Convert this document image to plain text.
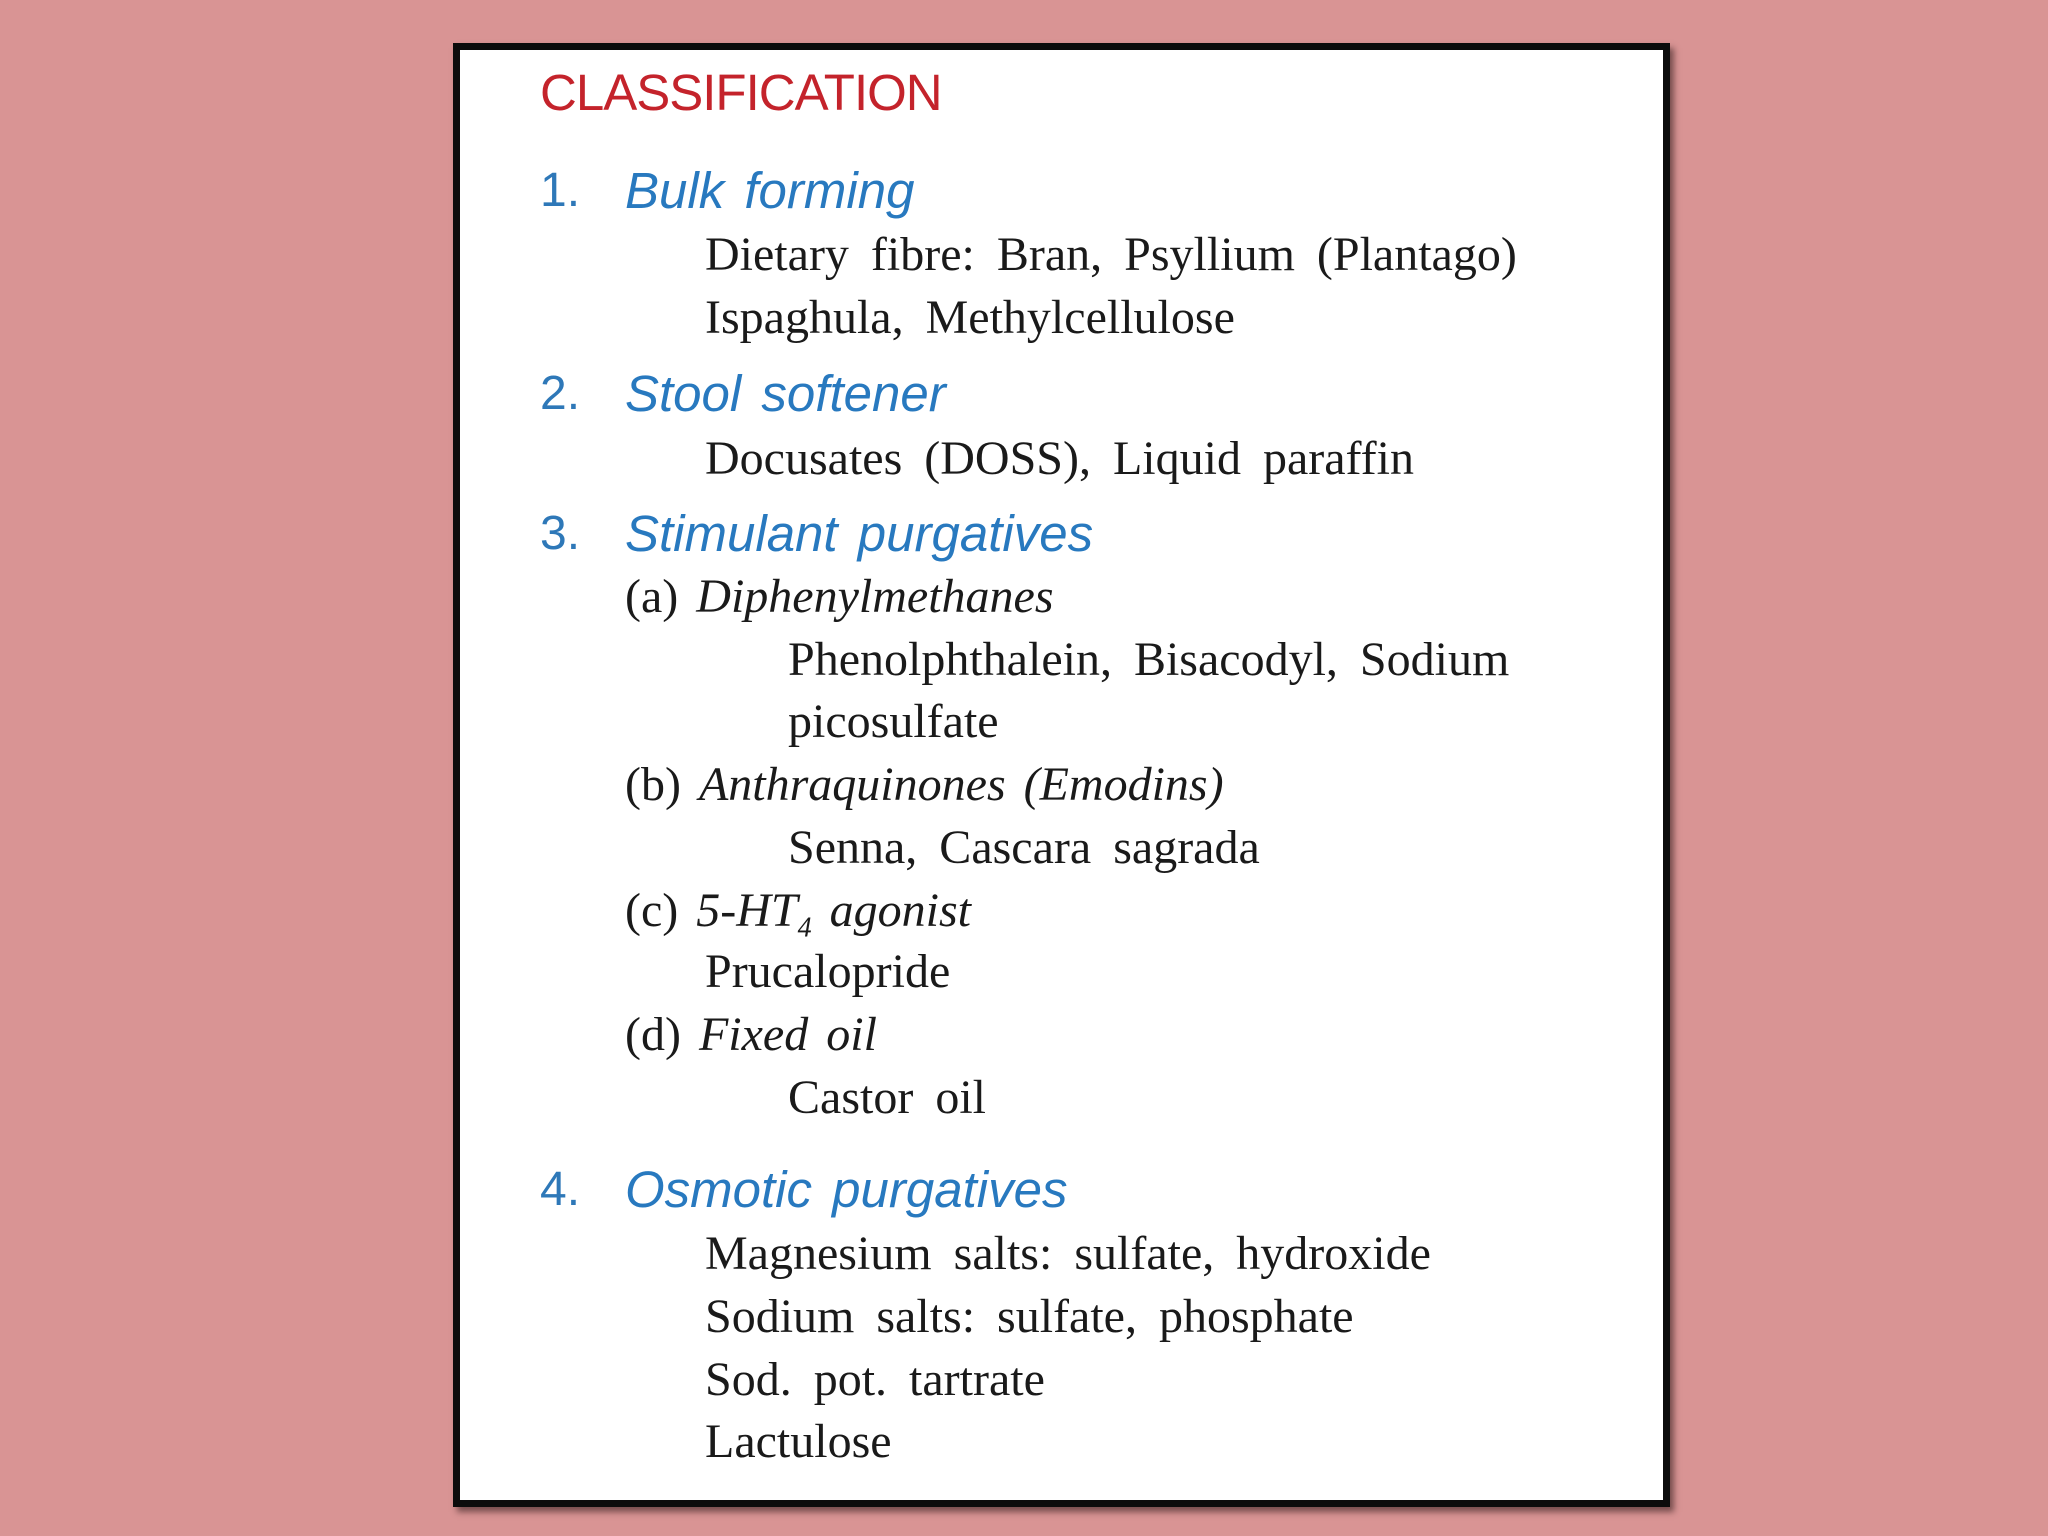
CLASSIFICATION
1. Bulk forming
Dietary fibre: Bran, Psyllium (Plantago)
Ispaghula, Methylcellulose
2. Stool softener
Docusates (DOSS), Liquid paraffin
3. Stimulant purgatives
(a) Diphenylmethanes
Phenolphthalein, Bisacodyl, Sodium
picosulfate
(b) Anthraquinones (Emodins)
Senna, Cascara sagrada
(c) $5-HT_4$ agonist
Prucalopride
(d) Fixed oil
Castor oil
4. Osmotic purgatives
Magnesium salts: sulfate, hydroxide
Sodium salts: sulfate, phosphate
Sod. pot. tartrate
Lactulose
